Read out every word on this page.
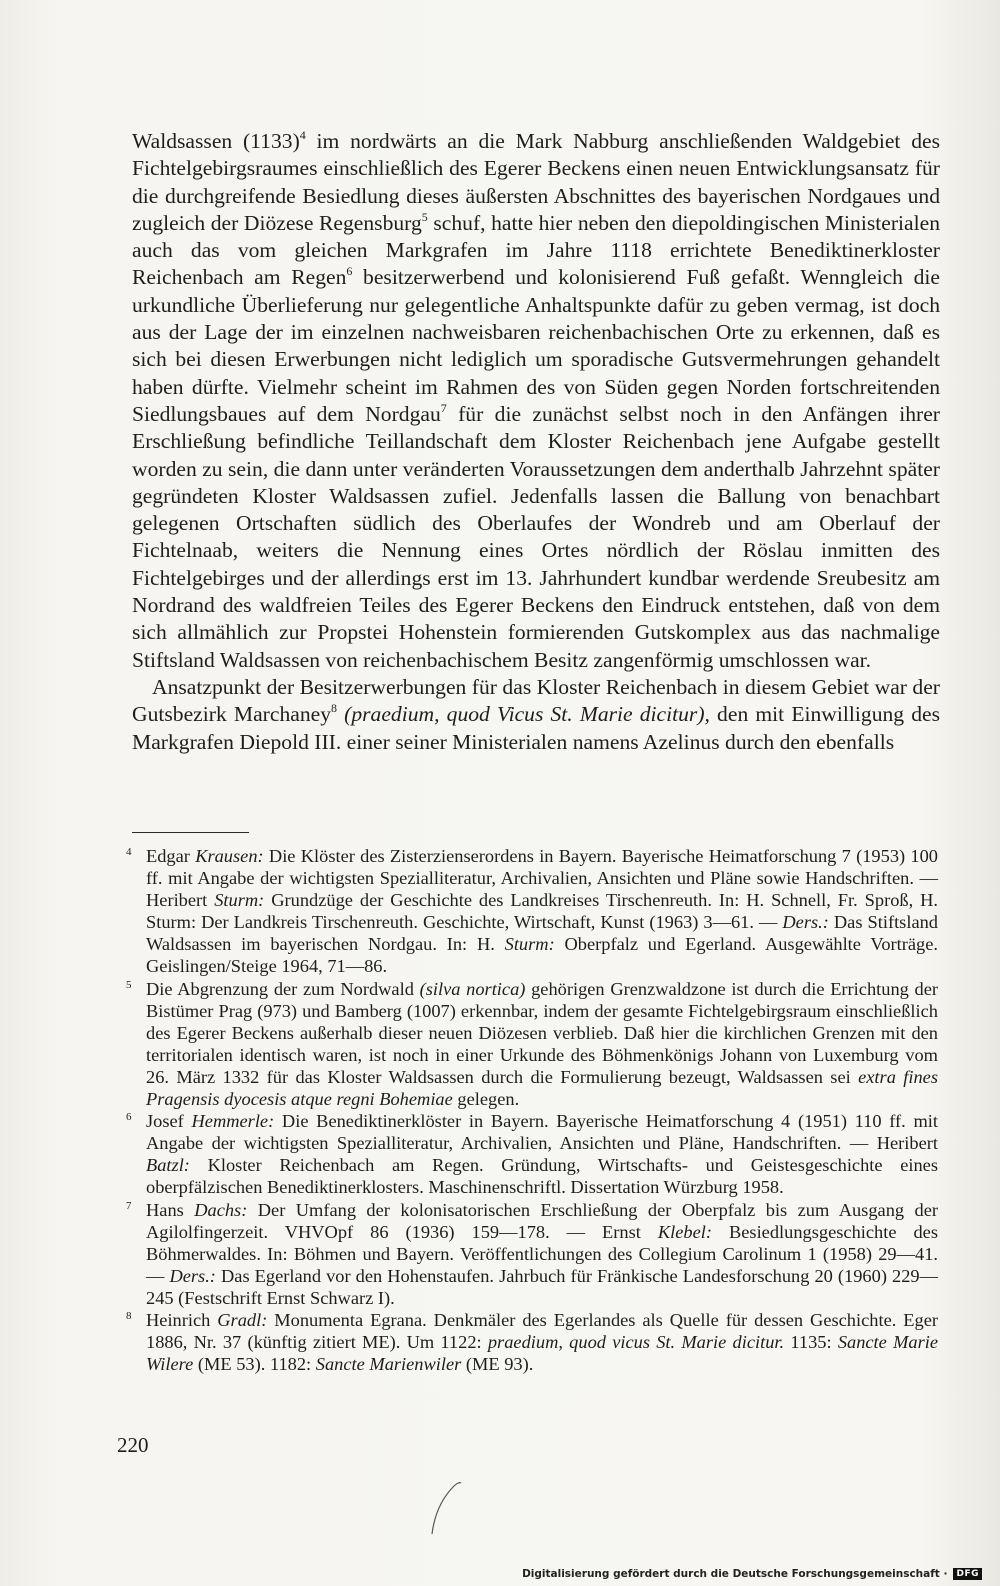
Waldsassen (1133)$^4$ im nordwärts an die Mark Nabburg anschließenden Waldgebiet des Fichtelgebirgsraumes einschließlich des Egerer Beckens einen neuen Entwicklungsansatz für die durchgreifende Besiedlung dieses äußersten Abschnittes des bayerischen Nordgaues und zugleich der Diözese Regensburg$^5$ schuf, hatte hier neben den diepoldingischen Ministerialen auch das vom gleichen Markgrafen im Jahre 1118 errichtete Benediktinerkloster Reichenbach am Regen$^6$ besitzerwerbend und kolonisierend Fuß gefaßt. Wenngleich die urkundliche Überlieferung nur gelegentliche Anhaltspunkte dafür zu geben vermag, ist doch aus der Lage der im einzelnen nachweisbaren reichenbachischen Orte zu erkennen, daß es sich bei diesen Erwerbungen nicht lediglich um sporadische Gutsvermehrungen gehandelt haben dürfte. Vielmehr scheint im Rahmen des von Süden gegen Norden fortschreitenden Siedlungsbaues auf dem Nordgau$^7$ für die zunächst selbst noch in den Anfängen ihrer Erschließung befindliche Teillandschaft dem Kloster Reichenbach jene Aufgabe gestellt worden zu sein, die dann unter veränderten Voraussetzungen dem anderthalb Jahrzehnt später gegründeten Kloster Waldsassen zufiel. Jedenfalls lassen die Ballung von benachbart gelegenen Ortschaften südlich des Oberlaufes der Wondreb und am Oberlauf der Fichtelnaab, weiters die Nennung eines Ortes nördlich der Röslau inmitten des Fichtelgebirges und der allerdings erst im 13. Jahrhundert kundbar werdende Sreubesitz am Nordrand des waldfreien Teiles des Egerer Beckens den Eindruck entstehen, daß von dem sich allmählich zur Propstei Hohenstein formierenden Gutskomplex aus das nachmalige Stiftsland Waldsassen von reichenbachischem Besitz zangenförmig umschlossen war.

Ansatzpunkt der Besitzerwerbungen für das Kloster Reichenbach in diesem Gebiet war der Gutsbezirk Marchaney$^8$ (praedium, quod Vicus St. Marie dicitur), den mit Einwilligung des Markgrafen Diepold III. einer seiner Ministerialen namens Azelinus durch den ebenfalls

4 Edgar Krausen: Die Klöster des Zisterzienserordens in Bayern. Bayerische Heimatforschung 7 (1953) 100 ff. mit Angabe der wichtigsten Spezialliteratur, Archivalien, Ansichten und Pläne sowie Handschriften. — Heribert Sturm: Grundzüge der Geschichte des Landkreises Tirschenreuth. In: H. Schnell, Fr. Sproß, H. Sturm: Der Landkreis Tirschenreuth. Geschichte, Wirtschaft, Kunst (1963) 3—61. — Ders.: Das Stiftsland Waldsassen im bayerischen Nordgau. In: H. Sturm: Oberpfalz und Egerland. Ausgewählte Vorträge. Geislingen/Steige 1964, 71—86.
5 Die Abgrenzung der zum Nordwald (silva nortica) gehörigen Grenzwaldzone ist durch die Errichtung der Bistümer Prag (973) und Bamberg (1007) erkennbar, indem der gesamte Fichtelgebirgsraum einschließlich des Egerer Beckens außerhalb dieser neuen Diözesen verblieb. Daß hier die kirchlichen Grenzen mit den territorialen identisch waren, ist noch in einer Urkunde des Böhmenkönigs Johann von Luxemburg vom 26. März 1332 für das Kloster Waldsassen durch die Formulierung bezeugt, Waldsassen sei extra fines Pragensis dyocesis atque regni Bohemiae gelegen.
6 Josef Hemmerle: Die Benediktinerklöster in Bayern. Bayerische Heimatforschung 4 (1951) 110 ff. mit Angabe der wichtigsten Spezialliteratur, Archivalien, Ansichten und Pläne, Handschriften. — Heribert Batzl: Kloster Reichenbach am Regen. Gründung, Wirtschafts- und Geistesgeschichte eines oberpfälzischen Benediktinerklosters. Maschinenschriftl. Dissertation Würzburg 1958.
7 Hans Dachs: Der Umfang der kolonisatorischen Erschließung der Oberpfalz bis zum Ausgang der Agilolfingerzeit. VHVOpf 86 (1936) 159—178. — Ernst Klebel: Besiedlungsgeschichte des Böhmerwaldes. In: Böhmen und Bayern. Veröffentlichungen des Collegium Carolinum 1 (1958) 29—41. — Ders.: Das Egerland vor den Hohenstaufen. Jahrbuch für Fränkische Landesforschung 20 (1960) 229—245 (Festschrift Ernst Schwarz I).
8 Heinrich Gradl: Monumenta Egrana. Denkmäler des Egerlandes als Quelle für dessen Geschichte. Eger 1886, Nr. 37 (künftig zitiert ME). Um 1122: praedium, quod vicus St. Marie dicitur. 1135: Sancte Marie Wilere (ME 53). 1182: Sancte Marienwiler (ME 93).
220
Digitalisierung gefördert durch die Deutsche Forschungsgemeinschaft ·	DFG
